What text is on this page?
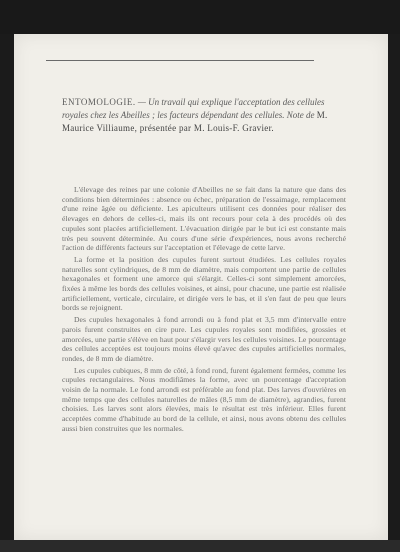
ENTOMOLOGIE. — Un travail qui explique l'acceptation des cellules royales chez les Abeilles ; les facteurs dépendant des cellules. Note de M. Maurice Villiaume, présentée par M. Louis-F. Gravier.

L'élevage des reines par une colonie d'Abeilles ne se fait dans la nature que dans des conditions bien déterminées : absence ou échec, préparation de l'essaimage, remplacement d'une reine âgée ou déficiente. Les apiculteurs utilisent ces données pour réaliser des élevages en dehors de celles-ci, mais ils ont recours pour cela à des procédés où des cupules sont placées artificiellement. L'évacuation dirigée par le but ici est constante mais très peu souvent déterminée. Au cours d'une série d'expériences, nous avons recherché l'action de différents facteurs sur l'acceptation et l'élevage de cette larve.

La forme et la position des cupules furent surtout étudiées. Les cellules royales naturelles sont cylindriques, de 8 mm de diamètre, mais comportent une partie de cellules hexagonales et forment une amorce qui s'élargit. Celles-ci sont simplement amorcées, fixées à même les bords des cellules voisines, et ainsi, pour chacune, une partie est réalisée artificiellement, verticale, circulaire, et dirigée vers le bas, et il s'en faut de peu que leurs bords se rejoignent.

Des cupules hexagonales à fond arrondi ou à fond plat et 3,5 mm d'intervalle entre parois furent construites en cire pure. Les cupules royales sont modifiées, grossies et amorcées, une partie s'élève en haut pour s'élargir vers les cellules voisines. Le pourcentage des cellules acceptées est toujours moins élevé qu'avec des cupules artificielles normales, rondes, de 8 mm de diamètre.

Les cupules cubiques, 8 mm de côté, à fond rond, furent également fermées, comme les cupules rectangulaires. Nous modifiâmes la forme, avec un pourcentage d'acceptation voisin de la normale. Le fond arrondi est préférable au fond plat. Des larves d'ouvrières en même temps que des cellules naturelles de mâles (8,5 mm de diamètre), agrandies, furent choisies. Les larves sont alors élevées, mais le résultat est très inférieur. Elles furent acceptées comme d'habitude au bord de la cellule, et ainsi, nous avons obtenu des cellules aussi bien construites que les normales.
